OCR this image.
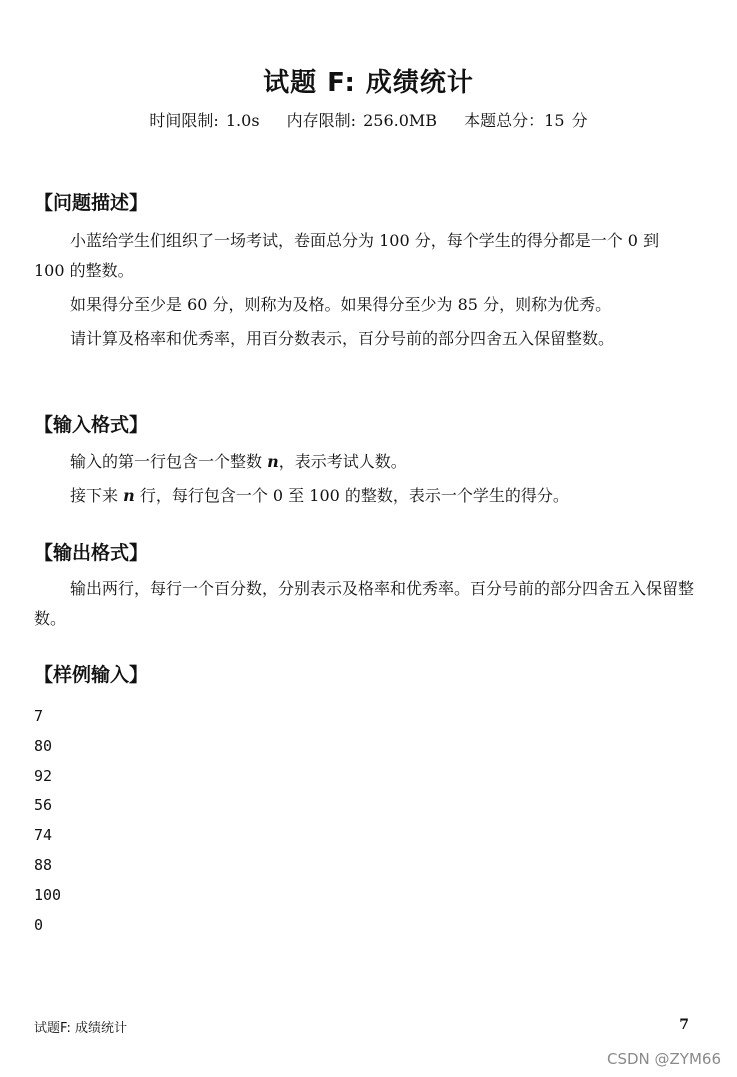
试题 F: 成绩统计
时间限制: 1.0s 内存限制: 256.0MB 本题总分：15 分
【问题描述】
小蓝给学生们组织了一场考试，卷面总分为 100 分，每个学生的得分都是一个 0 到 100 的整数。
如果得分至少是 60 分，则称为及格。如果得分至少为 85 分，则称为优秀。
请计算及格率和优秀率，用百分数表示，百分号前的部分四舍五入保留整数。
【输入格式】
输入的第一行包含一个整数 n，表示考试人数。
接下来 n 行，每行包含一个 0 至 100 的整数，表示一个学生的得分。
【输出格式】
输出两行，每行一个百分数，分别表示及格率和优秀率。百分号前的部分四舍五入保留整数。
【样例输入】
7
80
92
56
74
88
100
0
试题F: 成绩统计	7
CSDN @ZYM66
